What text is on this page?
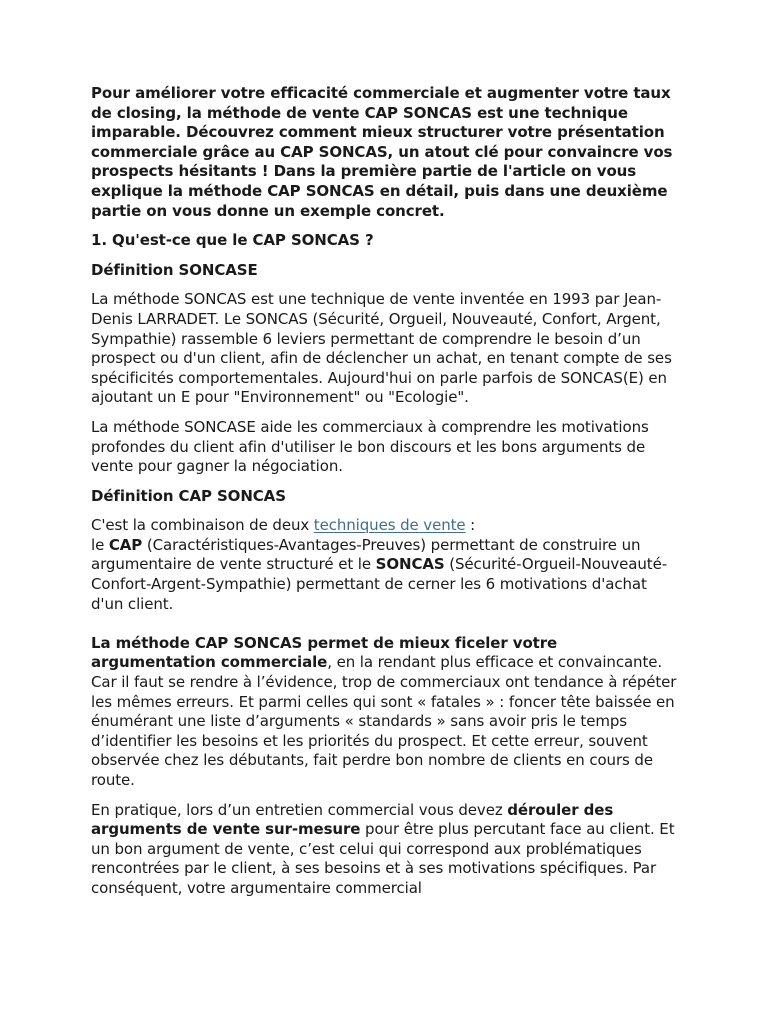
Pour améliorer votre efficacité commerciale et augmenter votre taux de closing, la méthode de vente CAP SONCAS est une technique imparable. Découvrez comment mieux structurer votre présentation commerciale grâce au CAP SONCAS, un atout clé pour convaincre vos prospects hésitants ! Dans la première partie de l'article on vous explique la méthode CAP SONCAS en détail, puis dans une deuxième partie on vous donne un exemple concret.

1. Qu'est-ce que le CAP SONCAS ?

Définition SONCASE

La méthode SONCAS est une technique de vente inventée en 1993 par Jean-Denis LARRADET. Le SONCAS (Sécurité, Orgueil, Nouveauté, Confort, Argent, Sympathie) rassemble 6 leviers permettant de comprendre le besoin d’un prospect ou d'un client, afin de déclencher un achat, en tenant compte de ses spécificités comportementales. Aujourd'hui on parle parfois de SONCAS(E) en ajoutant un E pour "Environnement" ou "Ecologie".

La méthode SONCASE aide les commerciaux à comprendre les motivations profondes du client afin d'utiliser le bon discours et les bons arguments de vente pour gagner la négociation.

Définition CAP SONCAS

C'est la combinaison de deux techniques de vente :
le CAP (Caractéristiques-Avantages-Preuves) permettant de construire un argumentaire de vente structuré et le SONCAS (Sécurité-Orgueil-Nouveauté-Confort-Argent-Sympathie) permettant de cerner les 6 motivations d'achat d'un client.

La méthode CAP SONCAS permet de mieux ficeler votre argumentation commerciale, en la rendant plus efficace et convaincante. Car il faut se rendre à l’évidence, trop de commerciaux ont tendance à répéter les mêmes erreurs. Et parmi celles qui sont « fatales » : foncer tête baissée en énumérant une liste d’arguments « standards » sans avoir pris le temps d’identifier les besoins et les priorités du prospect. Et cette erreur, souvent observée chez les débutants, fait perdre bon nombre de clients en cours de route.

En pratique, lors d’un entretien commercial vous devez dérouler des arguments de vente sur-mesure pour être plus percutant face au client. Et un bon argument de vente, c’est celui qui correspond aux problématiques rencontrées par le client, à ses besoins et à ses motivations spécifiques. Par conséquent, votre argumentaire commercial
